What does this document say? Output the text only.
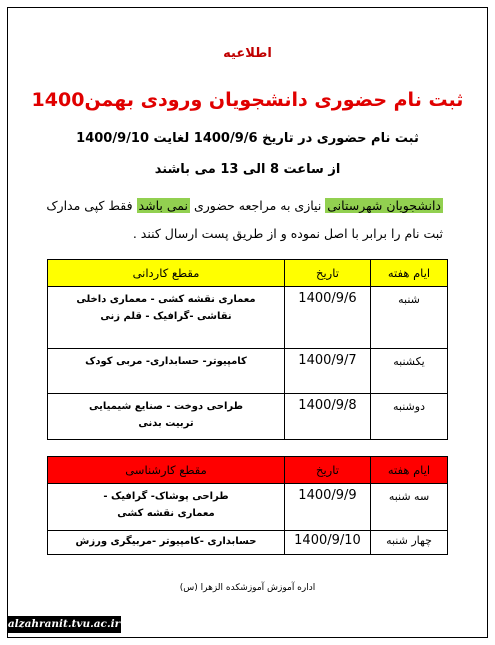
اطلاعیه
ثبت نام حضوری دانشجویان ورودی بهمن1400
ثبت نام حضوری در تاریخ 1400/9/6 لغایت 1400/9/10
از ساعت 8 الی 13 می باشند
دانشجویان شهرستانی نیازی به مراجعه حضوری نمی باشد فقط کپی مدارک
ثبت نام را برابر با اصل نموده و از طریق پست ارسال کنند .
ایام هفته	تاریخ	مقطع کاردانی
شنبه	1400/9/6	معماری نقشه کشی - معماری داخلی
نقاشی -گرافیک - قلم زنی

یکشنبه	1400/9/7	کامپیوتر- حسابداری- مربی کودک

دوشنبه	1400/9/8	طراحی دوخت - صنایع شیمیایی
تربیت بدنی
ایام هفته	تاریخ	مقطع کارشناسی
سه شنبه	1400/9/9	طراحی پوشاک- گرافیک -
معماری نقشه کشی

چهار شنبه	1400/9/10	حسابداری -کامپیوتر -مربیگری ورزش
اداره آموزش آموزشکده الزهرا (س)
alzahranit.tvu.ac.ir
